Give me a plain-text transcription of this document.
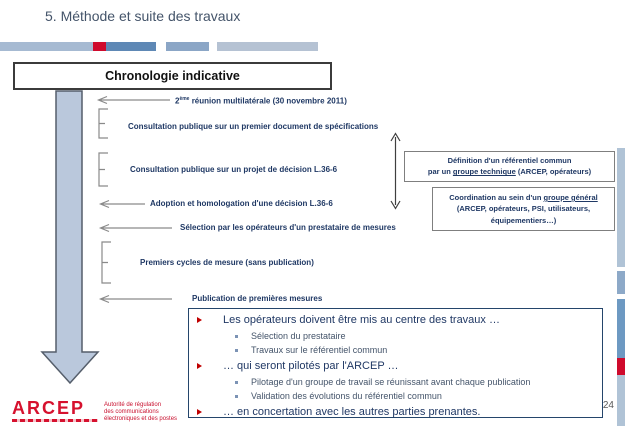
5. Méthode et suite des travaux
Chronologie indicative
2ème réunion multilatérale (30 novembre 2011)
Consultation publique sur un premier document de spécifications
Consultation publique sur un projet de décision L.36-6
Adoption et homologation d'une décision L.36-6
Sélection par les opérateurs d'un prestataire de mesures
Premiers cycles de mesure (sans publication)
Publication de premières mesures
Définition d'un référentiel commun
par un groupe technique (ARCEP, opérateurs)
Coordination au sein d'un groupe général
(ARCEP, opérateurs, PSI, utilisateurs,
équipementiers…)
Les opérateurs doivent être mis au centre des travaux …
Sélection du prestataire
Travaux sur le référentiel commun
… qui seront pilotés par l'ARCEP …
Pilotage d'un groupe de travail se réunissant avant chaque publication
Validation des évolutions du référentiel commun
… en concertation avec les autres parties prenantes.
24
ARCEP	Autorité de régulation
des communications
électroniques et des postes
